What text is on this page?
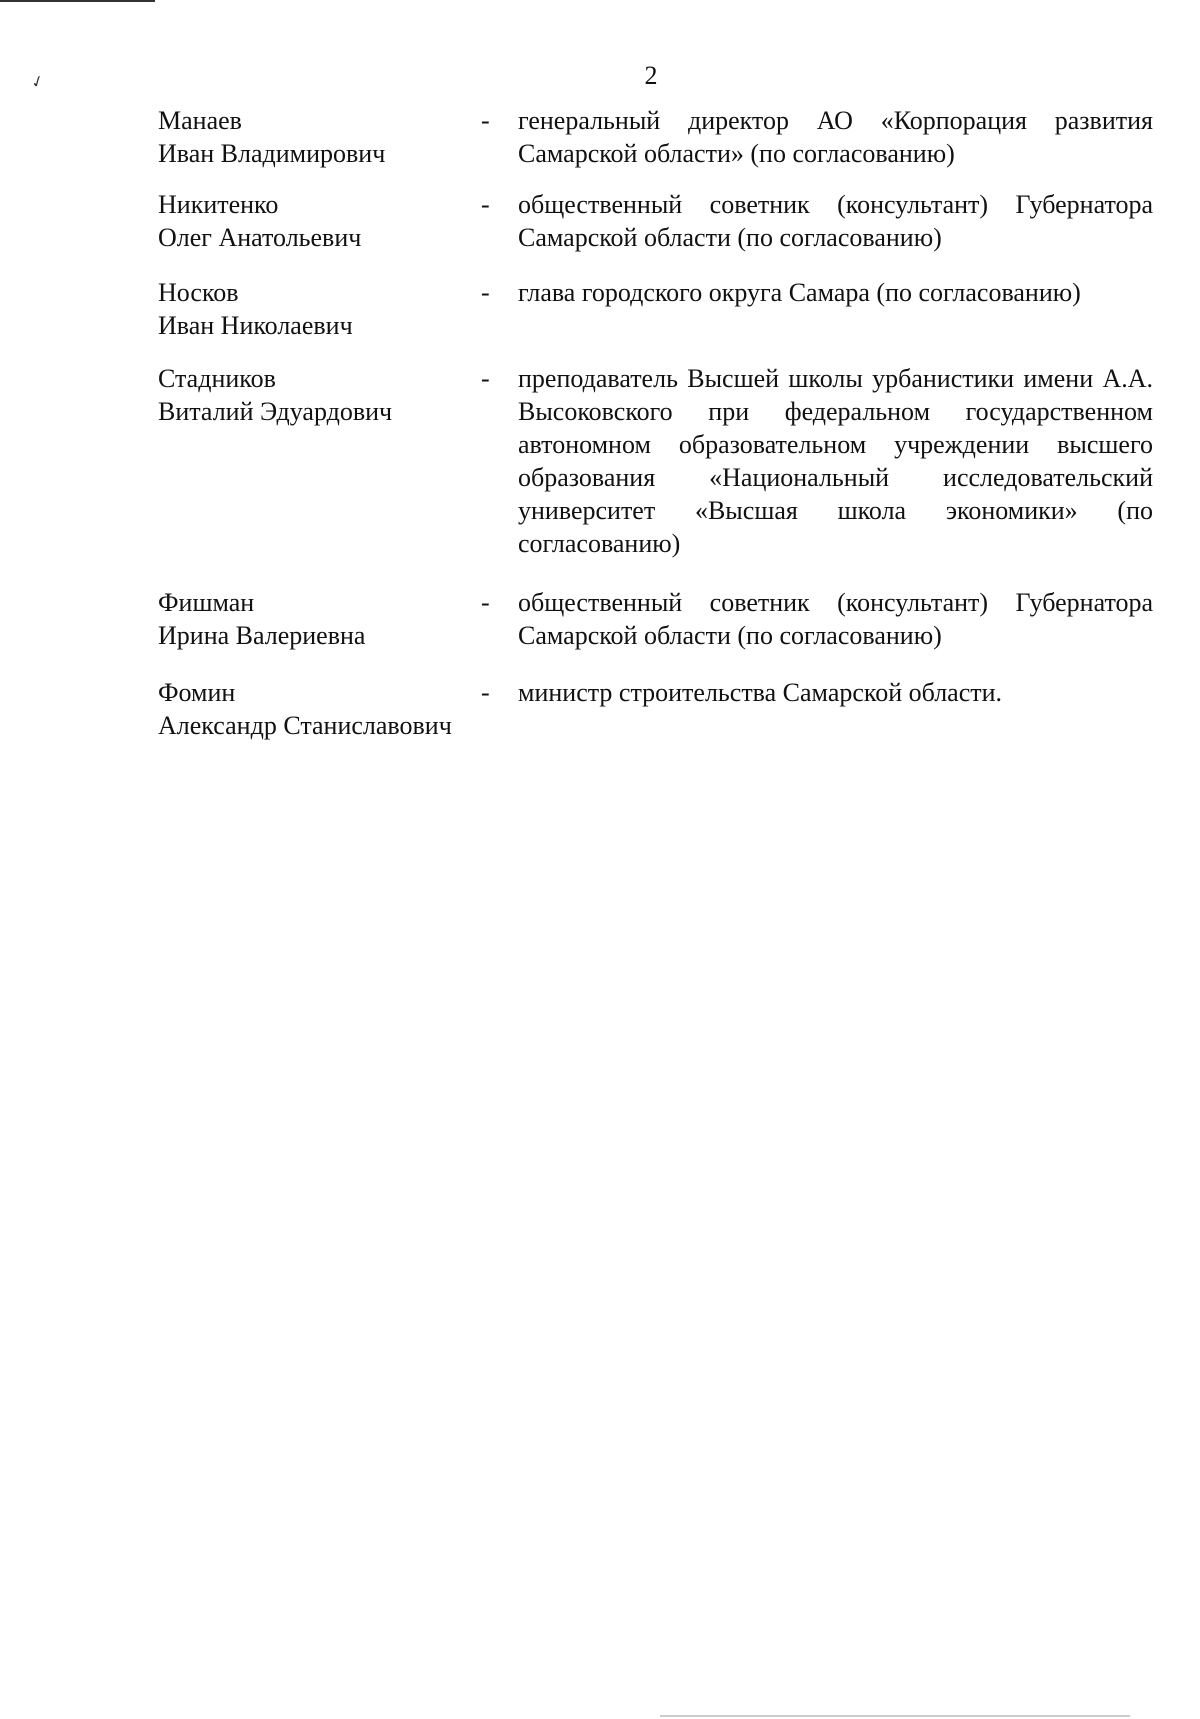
✓	2
Манаев
Иван Владимирович
-	генеральный директор АО «Корпорация развития Самарской области» (по согласованию)
Никитенко
Олег Анатольевич
-	общественный советник (консультант) Губернатора Самарской области (по согласованию)
Носков
Иван Николаевич
-	глава городского округа Самара (по согласованию)
Стадников
Виталий Эдуардович
-	преподаватель Высшей школы урбанистики имени А.А. Высоковского при федеральном государственном автономном образовательном учреждении высшего образования «Национальный исследовательский университет «Высшая школа экономики» (по согласованию)
Фишман
Ирина Валериевна
-	общественный советник (консультант) Губернатора Самарской области (по согласованию)
Фомин
Александр Станиславович
-	министр строительства Самарской области.
